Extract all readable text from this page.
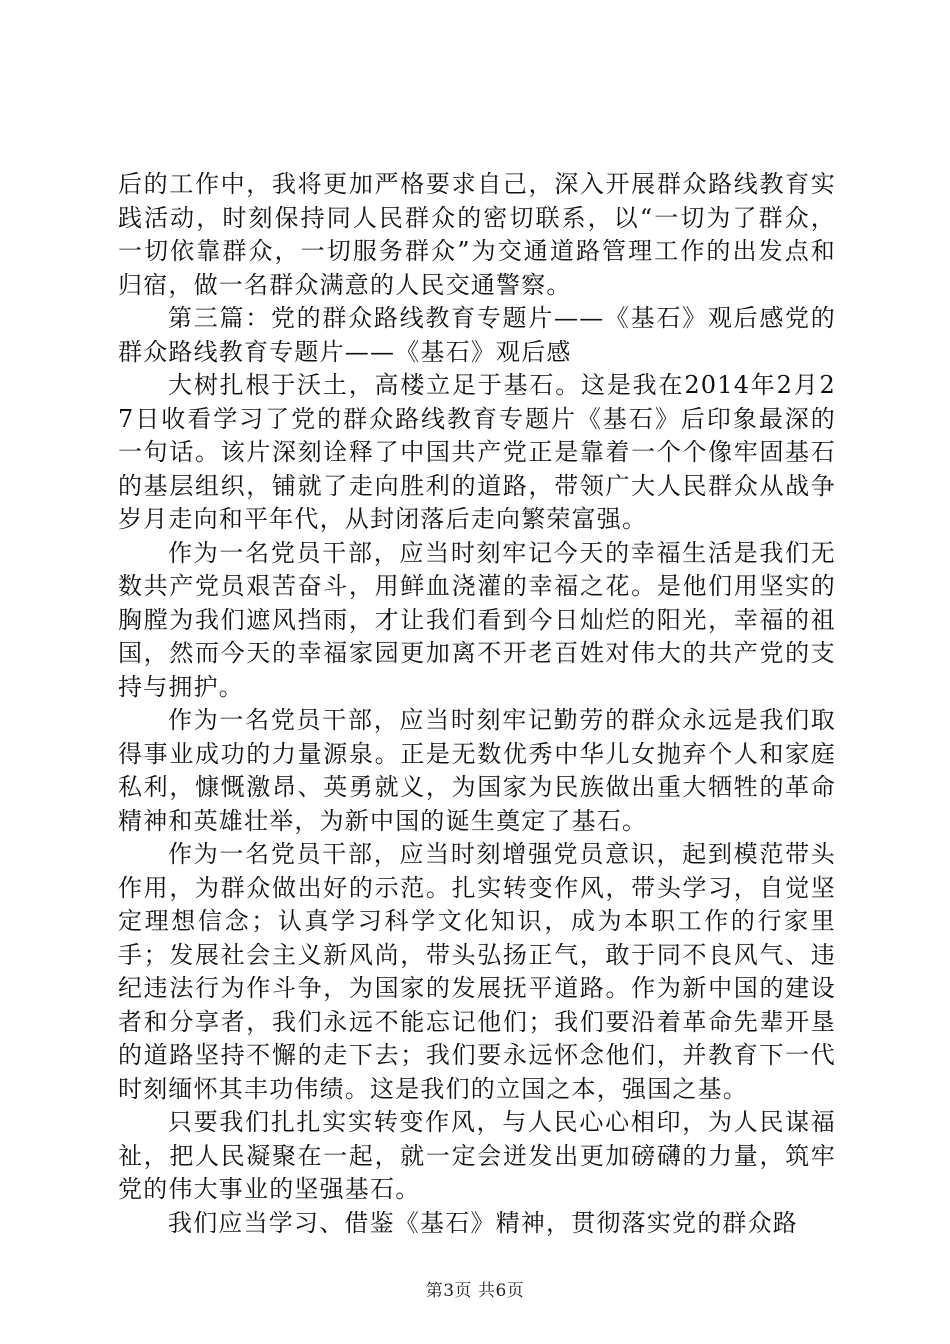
后的工作中，我将更加严格要求自己，深入开展群众路线教育实践活动，时刻保持同人民群众的密切联系，以“一切为了群众，一切依靠群众，一切服务群众”为交通道路管理工作的出发点和归宿，做一名群众满意的人民交通警察。

第三篇：党的群众路线教育专题片——《基石》观后感党的群众路线教育专题片——《基石》观后感

大树扎根于沃土，高楼立足于基石。这是我在2014年2月27日收看学习了党的群众路线教育专题片《基石》后印象最深的一句话。该片深刻诠释了中国共产党正是靠着一个个像牢固基石的基层组织，铺就了走向胜利的道路，带领广大人民群众从战争岁月走向和平年代，从封闭落后走向繁荣富强。

作为一名党员干部，应当时刻牢记今天的幸福生活是我们无数共产党员艰苦奋斗，用鲜血浇灌的幸福之花。是他们用坚实的胸膛为我们遮风挡雨，才让我们看到今日灿烂的阳光，幸福的祖国，然而今天的幸福家园更加离不开老百姓对伟大的共产党的支持与拥护。

作为一名党员干部，应当时刻牢记勤劳的群众永远是我们取得事业成功的力量源泉。正是无数优秀中华儿女抛弃个人和家庭私利，慷慨激昂、英勇就义，为国家为民族做出重大牺牲的革命精神和英雄壮举，为新中国的诞生奠定了基石。

作为一名党员干部，应当时刻增强党员意识，起到模范带头作用，为群众做出好的示范。扎实转变作风，带头学习，自觉坚定理想信念；认真学习科学文化知识，成为本职工作的行家里手；发展社会主义新风尚，带头弘扬正气，敢于同不良风气、违纪违法行为作斗争，为国家的发展抚平道路。作为新中国的建设者和分享者，我们永远不能忘记他们；我们要沿着革命先辈开垦的道路坚持不懈的走下去；我们要永远怀念他们，并教育下一代时刻缅怀其丰功伟绩。这是我们的立国之本，强国之基。

只要我们扎扎实实转变作风，与人民心心相印，为人民谋福祉，把人民凝聚在一起，就一定会迸发出更加磅礴的力量，筑牢党的伟大事业的坚强基石。

我们应当学习、借鉴《基石》精神，贯彻落实党的群众路

第3页 共6页
